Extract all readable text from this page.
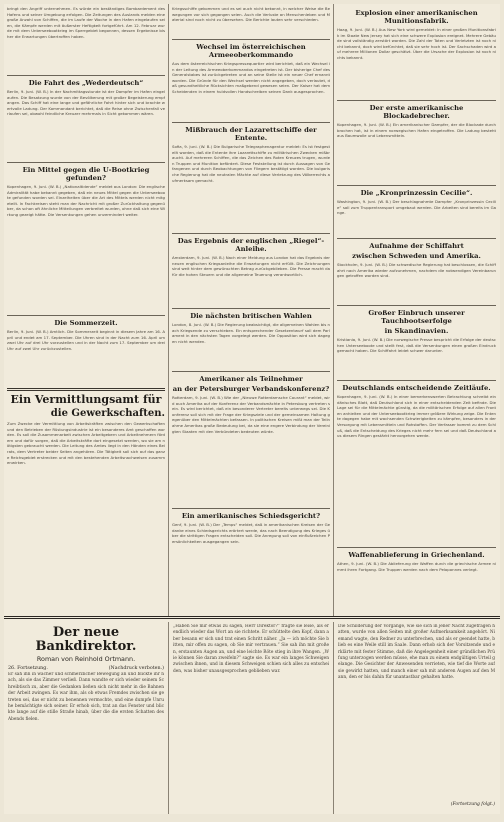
bringt den Angriff unternehmen. Es würde ein beständiges Bombardement des Hafens und seiner Umgebung erfolgen. Die Zeitungen des Auslands melden eine große Anzahl von Schiffen, die im Laufe der Woche in den Hafen eingelaufen seien, die Kämpfe werden mit äußerster Heftigkeit fortgeführt. Am 12. Februar wurde mit dem Unterseebootkrieg im Sperrgebiet begonnen, dessen Ergebnisse bisher die Erwartungen übertroffen haben.
Die Fahrt des „Wederdeutsch“
Berlin, 9. Juni. (W. B.) In der Nachmittagsstunde ist der Dampfer im Hafen eingelaufen. Die Besatzung wurde von der Bevölkerung mit großer Begeisterung empfangen. Das Schiff hat eine lange und gefährliche Fahrt hinter sich und brachte wertvolle Ladung. Der Kommandant berichtet, daß die Reise ohne Zwischenfall verlaufen sei, obwohl feindliche Kreuzer mehrmals in Sicht gekommen wären.
Ein Mittel gegen die U-Bootkrieg gefunden?
Kopenhagen, 9. Juni. (W. B.) „Nationaltidende“ meldet aus London: Die englische Admiralität habe bekannt gegeben, daß ein neues Mittel gegen die Unterseeboote gefunden worden sei. Einzelheiten über die Art des Mittels werden nicht mitgeteilt. In Fachkreisen steht man der Nachricht mit großer Zurückhaltung gegenüber, da schon oft ähnliche Mitteilungen verbreitet wurden, ohne daß sich eine Wirkung gezeigt hätte. Die Versenkungen gehen unvermindert weiter.
Die Sommerzeit.
Berlin, 9. Juni. (W. B.) Amtlich. Die Sommerzeit beginnt in diesem Jahre am 16. April und endet am 17. September. Die Uhren sind in der Nacht zum 16. April um zwei Uhr auf drei Uhr vorzustellen und in der Nacht zum 17. September um drei Uhr auf zwei Uhr zurückzustellen.
Ein Vermittlungsamt für
die Gewerkschaften.
Zum Zwecke der Vermittlung von Arbeitskräften zwischen den Gewerkschaften und den Betrieben der Rüstungsindustrie ist ein besonderes Amt geschaffen worden. Es soll die Zusammenarbeit zwischen Arbeitgebern und Arbeitnehmern fördern und dafür sorgen, daß die Arbeitskräfte dort eingesetzt werden, wo sie am nötigsten gebraucht werden. Die Leitung des Amtes liegt in den Händen eines Beirats, dem Vertreter beider Seiten angehören. Die Tätigkeit soll sich auf das ganze Reichsgebiet erstrecken und mit den bestehenden Arbeitsnachweisen zusammenwirken.
Kriegsschiffe gekommen und es sei auch nicht bekannt, in welcher Weise die Bewegungen vor sich gegangen seien. Auch die Verluste an Menschenleben und Material sind noch nicht zu übersehen. Die Berichte lauten sehr verschieden.
Wechsel im österreichischen Armeeoberkommando
Aus dem österreichischen Kriegspressequartier wird berichtet, daß ein Wechsel in der Leitung des Armeeoberkommandos eingetreten ist. Der bisherige Chef des Generalstabes ist zurückgetreten und an seine Stelle ist ein neuer Chef ernannt worden. Die Gründe für den Wechsel werden nicht angegeben, doch verlautet, daß gesundheitliche Rücksichten maßgebend gewesen seien. Der Kaiser hat dem Scheidenden in einem huldvollen Handschreiben seinen Dank ausgesprochen.
Mißbrauch der Lazarettschiffe der Entente.
Sofia, 9. Juni. (W. B.) Die Bulgarische Telegraphenagentur meldet: Es ist festgestellt worden, daß die Entente ihre Lazarettschiffe zu militärischen Zwecken mißbraucht. Auf mehreren Schiffen, die das Zeichen des Roten Kreuzes trugen, wurden Truppen und Munition befördert. Diese Feststellung ist durch Aussagen von Gefangenen und durch Beobachtungen von Fliegern bestätigt worden. Die bulgarische Regierung hat die neutralen Mächte auf diese Verletzung des Völkerrechts aufmerksam gemacht.
Das Ergebnis der englischen „Riegel“-Anleihe.
Amsterdam, 9. Juni. (W. B.) Nach einer Meldung aus London hat das Ergebnis der neuen englischen Kriegsanleihe die Erwartungen nicht erfüllt. Die Zeichnungen sind weit hinter dem gewünschten Betrag zurückgeblieben. Die Presse macht dafür die hohen Steuern und die allgemeine Teuerung verantwortlich.
Die nächsten britischen Wahlen
London, 8. Juni. (W. B.) Die Regierung beabsichtigt, die allgemeinen Wahlen bis nach Kriegsende zu verschieben. Ein entsprechender Gesetzentwurf soll dem Parlament in den nächsten Tagen vorgelegt werden. Die Opposition wird sich dagegen nicht wenden.
Amerikaner als Teilnehmer
an der Petersburger Verbandskonferenz?
Rotterdam, 9. Juni. (W. B.) Wie der „Nieuwe Rotterdamsche Courant“ meldet, wird auch Amerika auf der Konferenz der Verbandsmächte in Petersburg vertreten sein. Es wird berichtet, daß ein besonderer Vertreter bereits unterwegs sei. Die Konferenz soll sich mit der Frage der Kriegsziele und der gemeinsamen Haltung gegenüber den Mittelmächten befassen. In politischen Kreisen mißt man der Teilnahme Amerikas große Bedeutung bei, da sie eine engere Verbindung der Vereinigten Staaten mit den Verbündeten bedeuten würde.
Ein amerikanisches Schiedsgericht?
Genf, 9. Juni. (W. B.) Der „Temps“ meldet, daß in amerikanischen Kreisen der Gedanke eines Schiedsgerichts erörtert werde, das nach Beendigung des Krieges über die strittigen Fragen entscheiden soll. Die Anregung soll von einflußreichen Persönlichkeiten ausgegangen sein.
Explosion einer amerikanischen Munitionsfabrik.
Haag, 9. Juni. (W. B.) Aus New York wird gemeldet: In einer großen Munitionsfabrik im Staate New Jersey hat sich eine schwere Explosion ereignet. Mehrere Gebäude sind vollständig zerstört worden. Die Zahl der Toten und Verletzten ist noch nicht bekannt, doch wird befürchtet, daß sie sehr hoch ist. Der Sachschaden wird auf mehrere Millionen Dollar geschätzt. Über die Ursache der Explosion ist noch nichts bekannt.
Der erste amerikanische Blockadebrecher.
Kopenhagen, 9. Juni. (W. B.) Ein amerikanischer Dampfer, der die Blockade durchbrochen hat, ist in einem norwegischen Hafen eingetroffen. Die Ladung besteht aus Baumwolle und Lebensmitteln.
Die „Kronprinzessin Cecilie“.
Washington, 9. Juni. (W. B.) Der beschlagnahmte Dampfer „Kronprinzessin Cecilie“ soll zum Truppentransport umgebaut werden. Die Arbeiten sind bereits im Gange.
Aufnahme der Schiffahrt
zwischen Schweden und Amerika.
Stockholm, 9. Juni. (W. B.) Die schwedische Regierung hat beschlossen, die Schiffahrt nach Amerika wieder aufzunehmen, nachdem die notwendigen Vereinbarungen getroffen worden sind.
Großer Einbruch unserer Tauchbootserfolge
in Skandinavien.
Kristiania, 9. Juni. (W. B.) Die norwegische Presse bespricht die Erfolge der deutschen Unterseeboote und stellt fest, daß die Versenkungen einen großen Eindruck gemacht haben. Die Schiffahrt leidet schwer darunter.
Deutschlands entscheidende Zeitläufe.
Kopenhagen, 9. Juni. (W. B.) In einer bemerkenswerten Betrachtung schreibt ein dänisches Blatt, daß Deutschland sich in einer entscheidenden Zeit befinde. Die Lage sei für die Mittelmächte günstig, da die militärischen Erfolge auf allen Fronten anhielten und der Unterseebootkrieg immer größere Wirkung zeige. Die Entente dagegen habe mit wachsenden Schwierigkeiten zu kämpfen, besonders in der Versorgung mit Lebensmitteln und Rohstoffen. Der Verfasser kommt zu dem Schluß, daß die Entscheidung des Krieges nicht mehr fern sei und daß Deutschland aus diesem Ringen gestärkt hervorgehen werde.
Waffenablieferung in Griechenland.
Athen, 9. Juni. (W. B.) Die Ablieferung der Waffen durch die griechische Armee nimmt ihren Fortgang. Die Truppen werden nach dem Peloponnes verlegt.
Der neue Bankdirektor.
Roman von Reinhold Ortmann.
26. Fortsetzung.	(Nachdruck verboten.)
Er sah ihn in wacher und schmerzlicher Bewegung an und blickte ihr nach, als sie das Zimmer verließ. Dann wandte er sich wieder seinem Schreibtisch zu, aber die Gedanken ließen sich nicht mehr in die Bahnen der Arbeit zwingen. Es war ihm, als ob etwas Fremdes zwischen sie getreten sei, das er nicht zu benennen vermochte, und eine dumpfe Unruhe bemächtigte sich seiner. Er erhob sich, trat an das Fenster und blickte lange auf die stille Straße hinab, über die die ersten Schatten des Abends fielen.
„Haben Sie mir etwas zu sagen, Herr Direktor?“ fragte sie leise, als er endlich wieder das Wort an sie richtete. Er schüttelte den Kopf, dann aber besann er sich und trat einen Schritt näher. „Ja — ich möchte Sie bitten, mir offen zu sagen, ob Sie mir vertrauen.“ Sie sah ihn mit großen, erstaunten Augen an, und eine leichte Röte stieg in ihre Wangen. „Wie können Sie daran zweifeln?“ sagte sie. Es war ein langes Schweigen zwischen ihnen, und in diesem Schweigen schien sich alles zu entscheiden, was bisher unausgesprochen geblieben war.
Die Schilderung der Vorgänge, wie sie sich in jener Nacht zugetragen hatten, wurde von allen Seiten mit großer Aufmerksamkeit angehört. Niemand wagte, den Redner zu unterbrechen, und als er geendet hatte, blieb es eine Weile still im Saale. Dann erhob sich der Vorsitzende und erklärte mit fester Stimme, daß die Angelegenheit einer gründlichen Prüfung unterzogen werden müsse, ehe man zu einem endgültigen Urteil gelange. Die Gesichter der Anwesenden verrieten, wie tief die Worte auf sie gewirkt hatten, und manch einer sah mit anderen Augen auf den Mann, den er bis dahin für unantastbar gehalten hatte.
(Fortsetzung folgt.)
